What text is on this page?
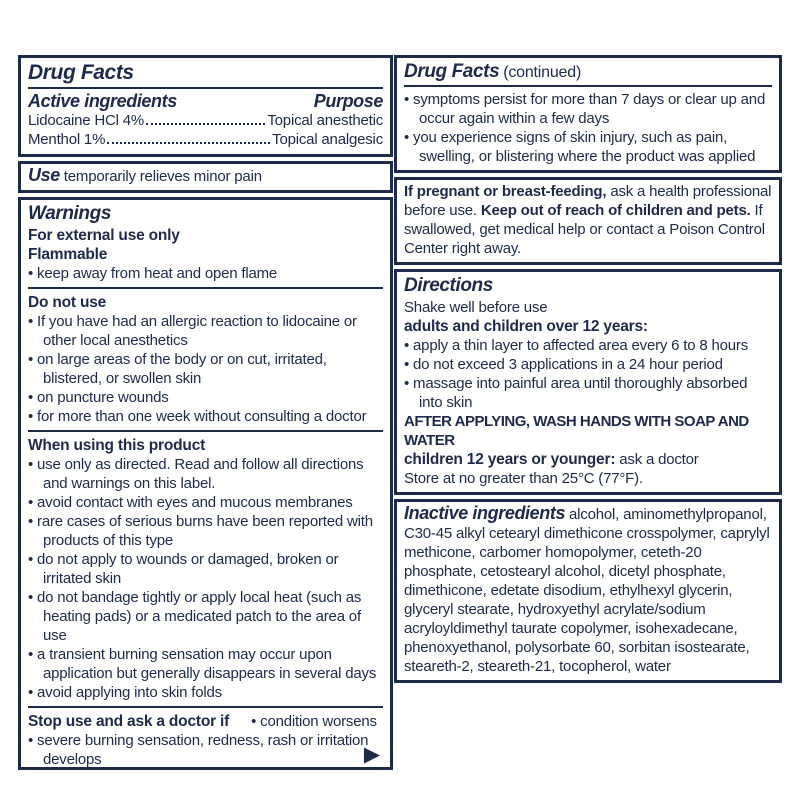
Drug Facts
Active ingredients	Purpose
Lidocaine HCl 4%	Topical anesthetic
Menthol 1%	Topical analgesic
Use temporarily relieves minor pain
Warnings
For external use only
Flammable
• keep away from heat and open flame
Do not use
• If you have had an allergic reaction to lidocaine or other local anesthetics
• on large areas of the body or on cut, irritated, blistered, or swollen skin
• on puncture wounds
• for more than one week without consulting a doctor
When using this product
• use only as directed. Read and follow all directions and warnings on this label.
• avoid contact with eyes and mucous membranes
• rare cases of serious burns have been reported with products of this type
• do not apply to wounds or damaged, broken or irritated skin
• do not bandage tightly or apply local heat (such as heating pads) or a medicated patch to the area of use
• a transient burning sensation may occur upon application but generally disappears in several days
• avoid applying into skin folds
Stop use and ask a doctor if	• condition worsens
• severe burning sensation, redness, rash or irritation develops	▶
Drug Facts (continued)
• symptoms persist for more than 7 days or clear up and occur again within a few days
• you experience signs of skin injury, such as pain, swelling, or blistering where the product was applied
If pregnant or breast-feeding, ask a health professional before use. Keep out of reach of children and pets. If swallowed, get medical help or contact a Poison Control Center right away.
Directions
Shake well before use
adults and children over 12 years:
• apply a thin layer to affected area every 6 to 8 hours
• do not exceed 3 applications in a 24 hour period
• massage into painful area until thoroughly absorbed into skin
AFTER APPLYING, WASH HANDS WITH SOAP AND WATER
children 12 years or younger: ask a doctor
Store at no greater than 25°C (77°F).
Inactive ingredients alcohol, aminomethylpropanol, C30-45 alkyl cetearyl dimethicone crosspolymer, caprylyl methicone, carbomer homopolymer, ceteth-20 phosphate, cetostearyl alcohol, dicetyl phosphate, dimethicone, edetate disodium, ethylhexyl glycerin, glyceryl stearate, hydroxyethyl acrylate/sodium acryloyldimethyl taurate copolymer, isohexadecane, phenoxyethanol, polysorbate 60, sorbitan isostearate, steareth-2, steareth-21, tocopherol, water
